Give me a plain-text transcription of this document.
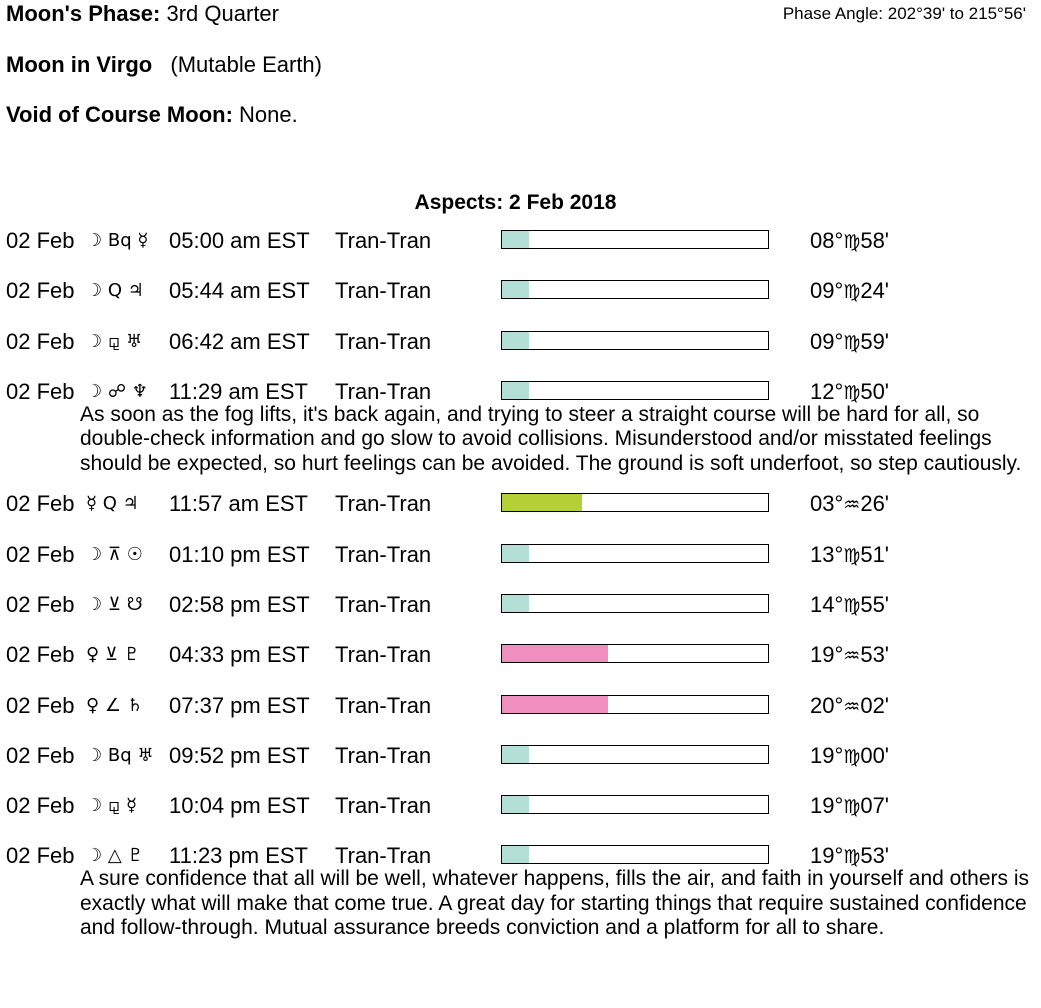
Moon's Phase: 3rd Quarter	Phase Angle: 202°39' to 215°56'
Moon in Virgo (Mutable Earth)
Void of Course Moon: None.
Aspects: 2 Feb 2018
02 Feb ☽ Bq ☿ 05:00 am EST Tran-Tran	08°♍58'
02 Feb ☽ Q ♃ 05:44 am EST Tran-Tran	09°♍24'
02 Feb ☽ ⚼ ♅ 06:42 am EST Tran-Tran	09°♍59'
02 Feb ☽ ☍ ♆ 11:29 am EST Tran-Tran	12°♍50'
As soon as the fog lifts, it's back again, and trying to steer a straight course will be hard for all, so double-check information and go slow to avoid collisions. Misunderstood and/or misstated feelings should be expected, so hurt feelings can be avoided. The ground is soft underfoot, so step cautiously.
02 Feb ☿ Q ♃ 11:57 am EST Tran-Tran	03°♒26'
02 Feb ☽ ⊼ ☉ 01:10 pm EST Tran-Tran	13°♍51'
02 Feb ☽ ⊻ ☋ 02:58 pm EST Tran-Tran	14°♍55'
02 Feb ♀ ⊻ ♇ 04:33 pm EST Tran-Tran	19°♒53'
02 Feb ♀ ∠ ♄ 07:37 pm EST Tran-Tran	20°♒02'
02 Feb ☽ Bq ♅ 09:52 pm EST Tran-Tran	19°♍00'
02 Feb ☽ ⚼ ☿ 10:04 pm EST Tran-Tran	19°♍07'
02 Feb ☽ △ ♇ 11:23 pm EST Tran-Tran	19°♍53'
A sure confidence that all will be well, whatever happens, fills the air, and faith in yourself and others is exactly what will make that come true. A great day for starting things that require sustained confidence and follow-through. Mutual assurance breeds conviction and a platform for all to share.
